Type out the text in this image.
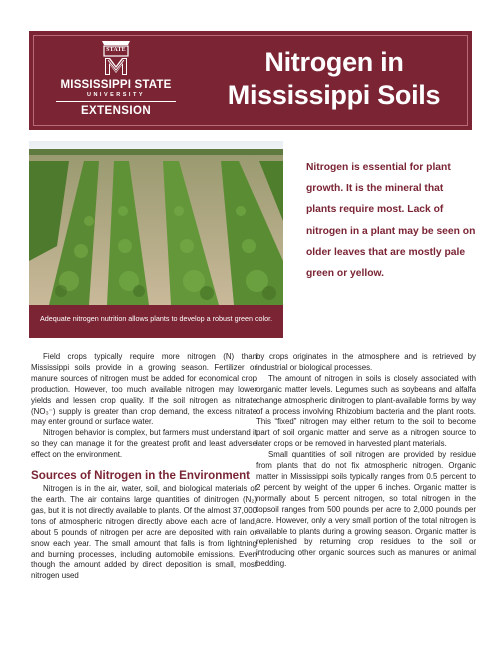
STATE
MISSISSIPPI STATE
UNIVERSITY
EXTENSION
Nitrogen in
Mississippi Soils
Adequate nitrogen nutrition allows plants to develop a robust green color.
Nitrogen is essential for plant growth. It is the mineral that plants require most. Lack of nitrogen in a plant may be seen on older leaves that are mostly pale green or yellow.

Field crops typically require more nitrogen (N) than Mississippi soils provide in a growing season. Fertilizer or manure sources of nitrogen must be added for economical crop production. However, too much available nitrogen may lower yields and lessen crop quality. If the soil nitrogen as nitrate (NO₃⁻) supply is greater than crop demand, the excess nitrate may enter ground or surface water.

Nitrogen behavior is complex, but farmers must understand it so they can manage it for the greatest profit and least adverse effect on the environment.

Sources of Nitrogen in the Environment

Nitrogen is in the air, water, soil, and biological materials of the earth. The air contains large quantities of dinitrogen (N₂) gas, but it is not directly available to plants. Of the almost 37,000 tons of atmospheric nitrogen directly above each acre of land, about 5 pounds of nitrogen per acre are deposited with rain or snow each year. The small amount that falls is from lightning and burning processes, including automobile emissions. Even though the amount added by direct deposition is small, most nitrogen used

by crops originates in the atmosphere and is retrieved by industrial or biological processes.

The amount of nitrogen in soils is closely associated with organic matter levels. Legumes such as soybeans and alfalfa change atmospheric dinitrogen to plant-available forms by way of a process involving Rhizobium bacteria and the plant roots. This “fixed” nitrogen may either return to the soil to become part of soil organic matter and serve as a nitrogen source to later crops or be removed in harvested plant materials.

Small quantities of soil nitrogen are provided by residue from plants that do not fix atmospheric nitrogen. Organic matter in Mississippi soils typically ranges from 0.5 percent to 2 percent by weight of the upper 6 inches. Organic matter is normally about 5 percent nitrogen, so total nitrogen in the topsoil ranges from 500 pounds per acre to 2,000 pounds per acre. However, only a very small portion of the total nitrogen is available to plants during a growing season. Organic matter is replenished by returning crop residues to the soil or introducing other organic sources such as manures or animal bedding.
